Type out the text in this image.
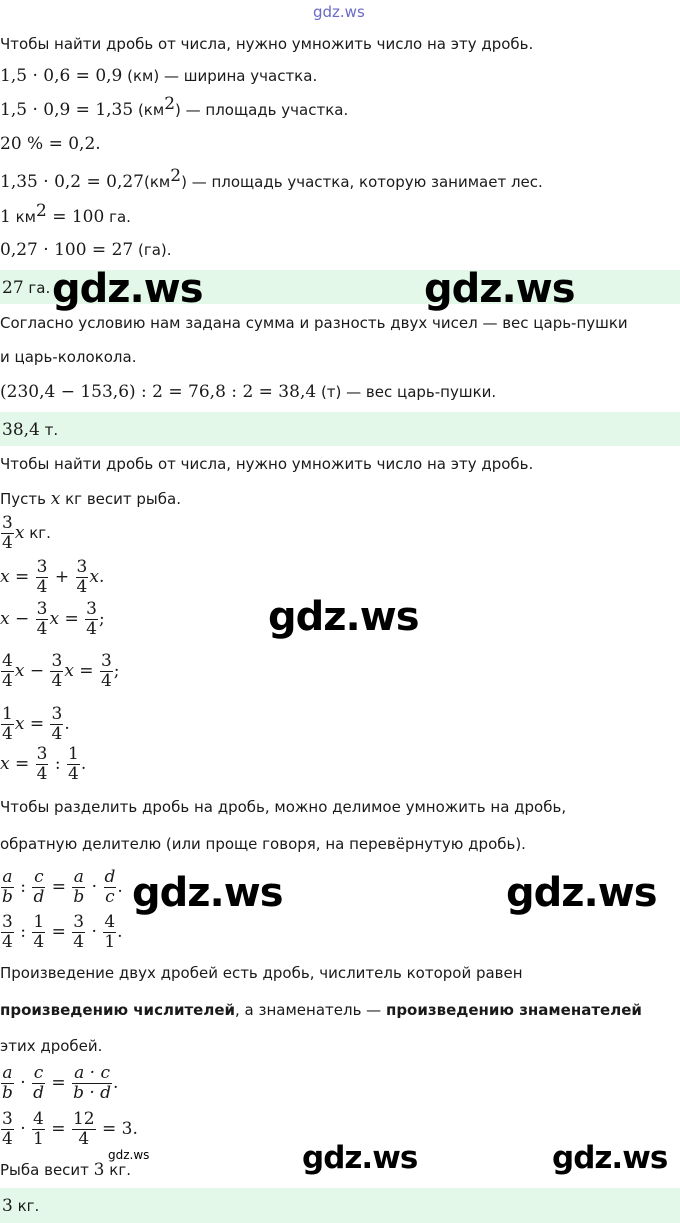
gdz.ws
Чтобы найти дробь от числа, нужно умножить число на эту дробь.
1,5 · 0,6 = 0,9 (км) — ширина участка.
1,5 · 0,9 = 1,35 $(км^2)$ — площадь участка.
20 % = 0,2.
$1,35 \cdot 0,2 = 0,27(км^2)$ — площадь участка, которую занимает лес.
1 $км^2 = 100$ га.
0,27 · 100 = 27 (га).
27 га. gdz.ws	gdz.ws
Согласно условию нам задана сумма и разность двух чисел — вес царь-пушки
и царь-колокола.
(230,4 − 153,6) : 2 = 76,8 : 2 = 38,4 (т) — вес царь-пушки.
38,4 т.
Чтобы найти дробь от числа, нужно умножить число на эту дробь.
Пусть x кг весит рыба.
$\frac{3}{4}$ x кг.
$x = \frac{3}{4} + \frac{3}{4} x$.
$x - \frac{3}{4}$ $x = \frac{3}{4}$ ;
$\frac{4}{4}$ $x - \frac{3}{4}$ $x = \frac{3}{4}$ ;
$\frac{1}{4}$ $x = \frac{3}{4}$ .
$x = \frac{3}{4}$ : $\frac{1}{4}$ .
gdz.ws
Чтобы разделить дробь на дробь, можно делимое умножить на дробь,
обратную делителю (или проще говоря, на перевёрнутую дробь).
$\frac{a}{b}$ : $\frac{c}{d} = \frac{a}{b} \cdot \frac{d}{c}$ .
$\frac{3}{4}$ : $\frac{1}{4} = \frac{3}{4} \cdot \frac{4}{1}$ .
gdz.ws	gdz.ws
Произведение двух дробей есть дробь, числитель которой равен
произведению числителей, а знаменатель — произведению знаменателей
этих дробей.
$\frac{a}{b} \cdot \frac{c}{d} = \frac{a \cdot c}{b \cdot d}$ .
$\frac{3}{4} \cdot \frac{4}{1} = \frac{12}{4} = 3$.
Рыба весит 3 кг.
gdz.ws	gdz.ws	gdz.ws
3 кг.
